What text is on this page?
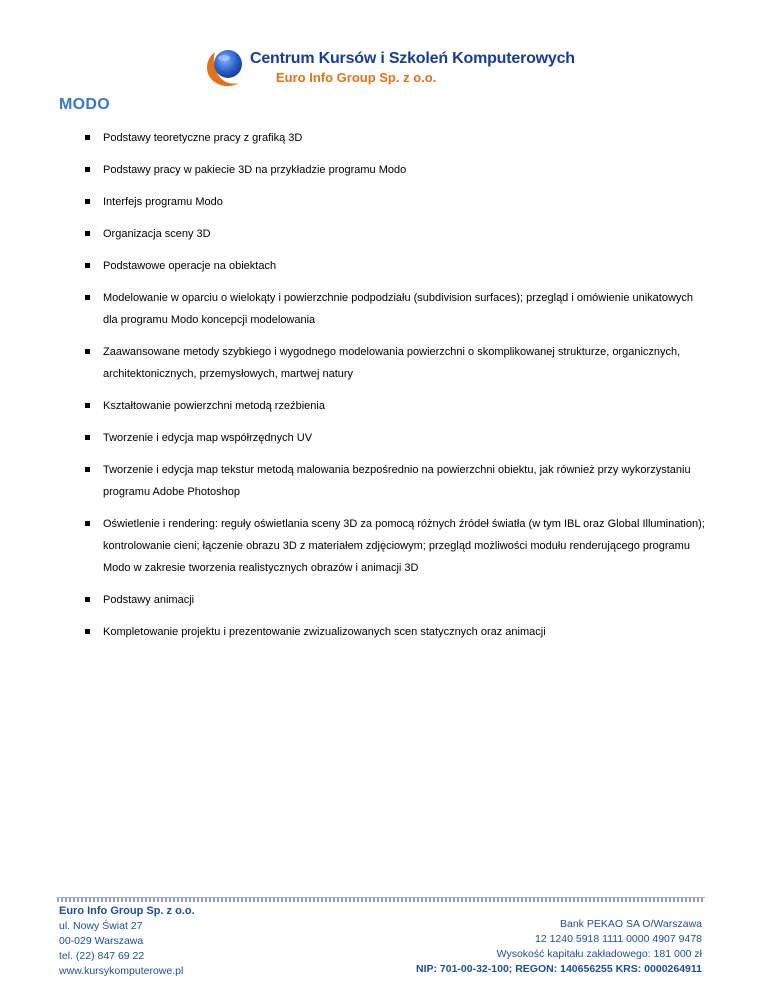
Centrum Kursów i Szkoleń Komputerowych
Euro Info Group Sp. z o.o.
MODO
Podstawy teoretyczne pracy z grafiką 3D
Podstawy pracy w pakiecie 3D na przykładzie programu Modo
Interfejs programu Modo
Organizacja sceny 3D
Podstawowe operacje na obiektach
Modelowanie w oparciu o wielokąty i powierzchnie podpodziału (subdivision surfaces); przegląd i omówienie unikatowych dla programu Modo koncepcji modelowania
Zaawansowane metody szybkiego i wygodnego modelowania powierzchni o skomplikowanej strukturze, organicznych, architektonicznych, przemysłowych, martwej natury
Kształtowanie powierzchni metodą rzeźbienia
Tworzenie i edycja map współrzędnych UV
Tworzenie i edycja map tekstur metodą malowania bezpośrednio na powierzchni obiektu, jak również przy wykorzystaniu programu Adobe Photoshop
Oświetlenie i rendering: reguły oświetlania sceny 3D za pomocą różnych źródeł światła (w tym IBL oraz Global Illumination); kontrolowanie cieni; łączenie obrazu 3D z materiałem zdjęciowym; przegląd możliwości modułu renderującego programu Modo w zakresie tworzenia realistycznych obrazów i animacji 3D
Podstawy animacji
Kompletowanie projektu i prezentowanie zwizualizowanych scen statycznych oraz animacji
Euro Info Group Sp. z o.o.
ul. Nowy Świat 27
00-029 Warszawa
tel. (22) 847 69 22
www.kursykomputerowe.pl
Bank PEKAO SA O/Warszawa
12 1240 5918 1111 0000 4907 9478
Wysokość kapitału zakładowego: 181 000 zł
NIP: 701-00-32-100; REGON: 140656255 KRS: 0000264911
